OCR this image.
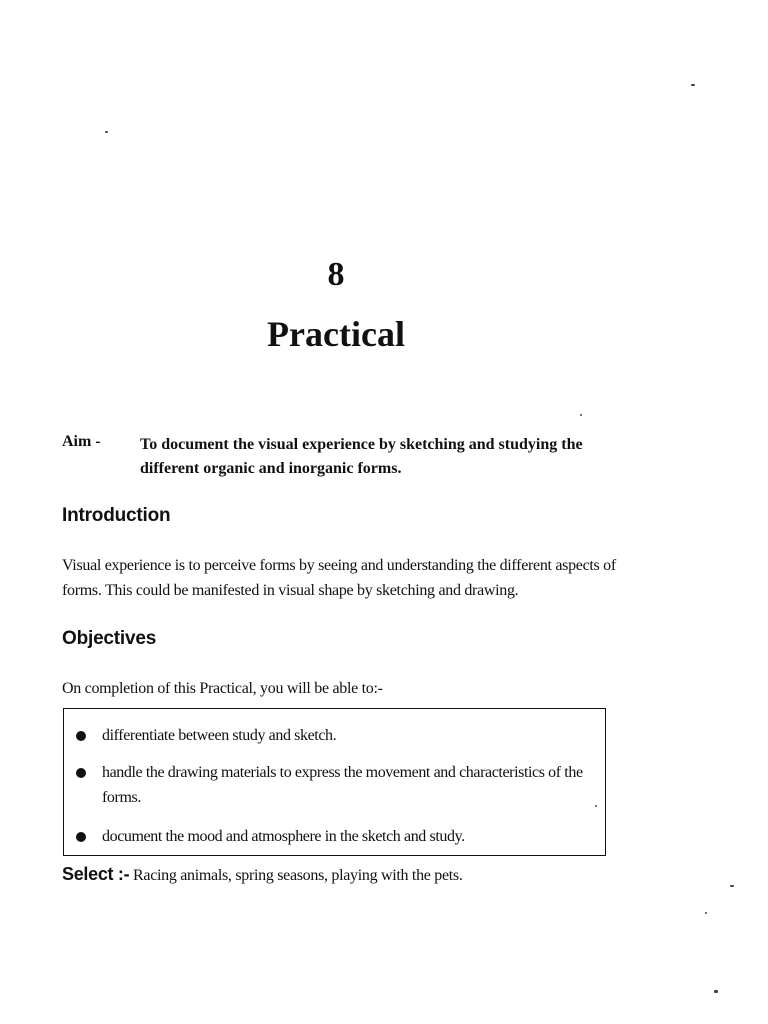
8
Practical
Aim -	To document the visual experience by sketching and studying the different organic and inorganic forms.
Introduction
Visual experience is to perceive forms by seeing and understanding the different aspects of forms. This could be manifested in visual shape by sketching and drawing.
Objectives
On completion of this Practical, you will be able to:-
differentiate between study and sketch.
handle the drawing materials to express the movement and characteristics of the forms.
document the mood and atmosphere in the sketch and study.
Select :- Racing animals, spring seasons, playing with the pets.
